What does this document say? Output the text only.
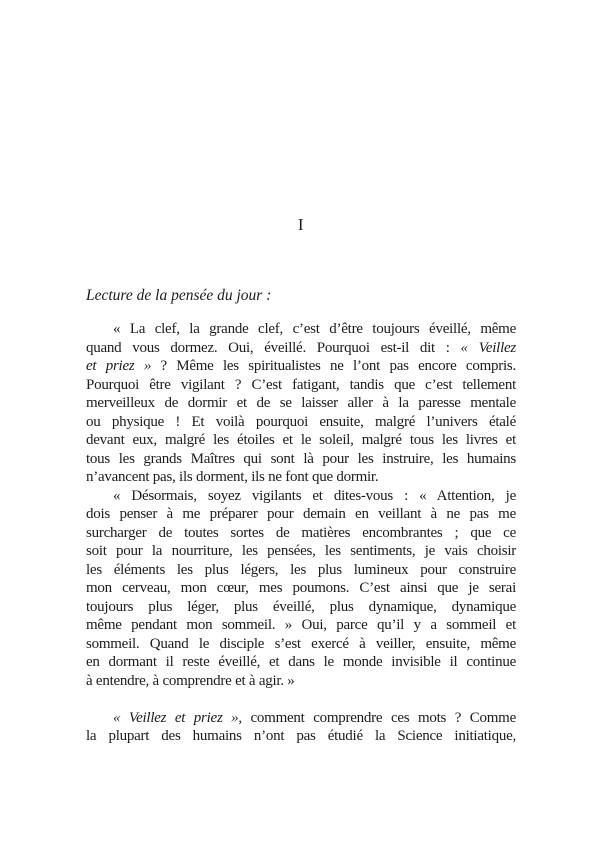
I
Lecture de la pensée du jour :
« La clef, la grande clef, c’est d’être toujours éveillé, même
quand vous dormez. Oui, éveillé. Pourquoi est-il dit : « Veillez
et priez » ? Même les spiritualistes ne l’ont pas encore compris.
Pourquoi être vigilant ? C’est fatigant, tandis que c’est tellement
merveilleux de dormir et de se laisser aller à la paresse mentale
ou physique ! Et voilà pourquoi ensuite, malgré l’univers étalé
devant eux, malgré les étoiles et le soleil, malgré tous les livres et
tous les grands Maîtres qui sont là pour les instruire, les humains
n’avancent pas, ils dorment, ils ne font que dormir.
« Désormais, soyez vigilants et dites-vous : « Attention, je
dois penser à me préparer pour demain en veillant à ne pas me
surcharger de toutes sortes de matières encombrantes ; que ce
soit pour la nourriture, les pensées, les sentiments, je vais choisir
les éléments les plus légers, les plus lumineux pour construire
mon cerveau, mon cœur, mes poumons. C’est ainsi que je serai
toujours plus léger, plus éveillé, plus dynamique, dynamique
même pendant mon sommeil. » Oui, parce qu’il y a sommeil et
sommeil. Quand le disciple s’est exercé à veiller, ensuite, même
en dormant il reste éveillé, et dans le monde invisible il continue
à entendre, à comprendre et à agir. »
« Veillez et priez », comment comprendre ces mots ? Comme
la plupart des humains n’ont pas étudié la Science initiatique,
